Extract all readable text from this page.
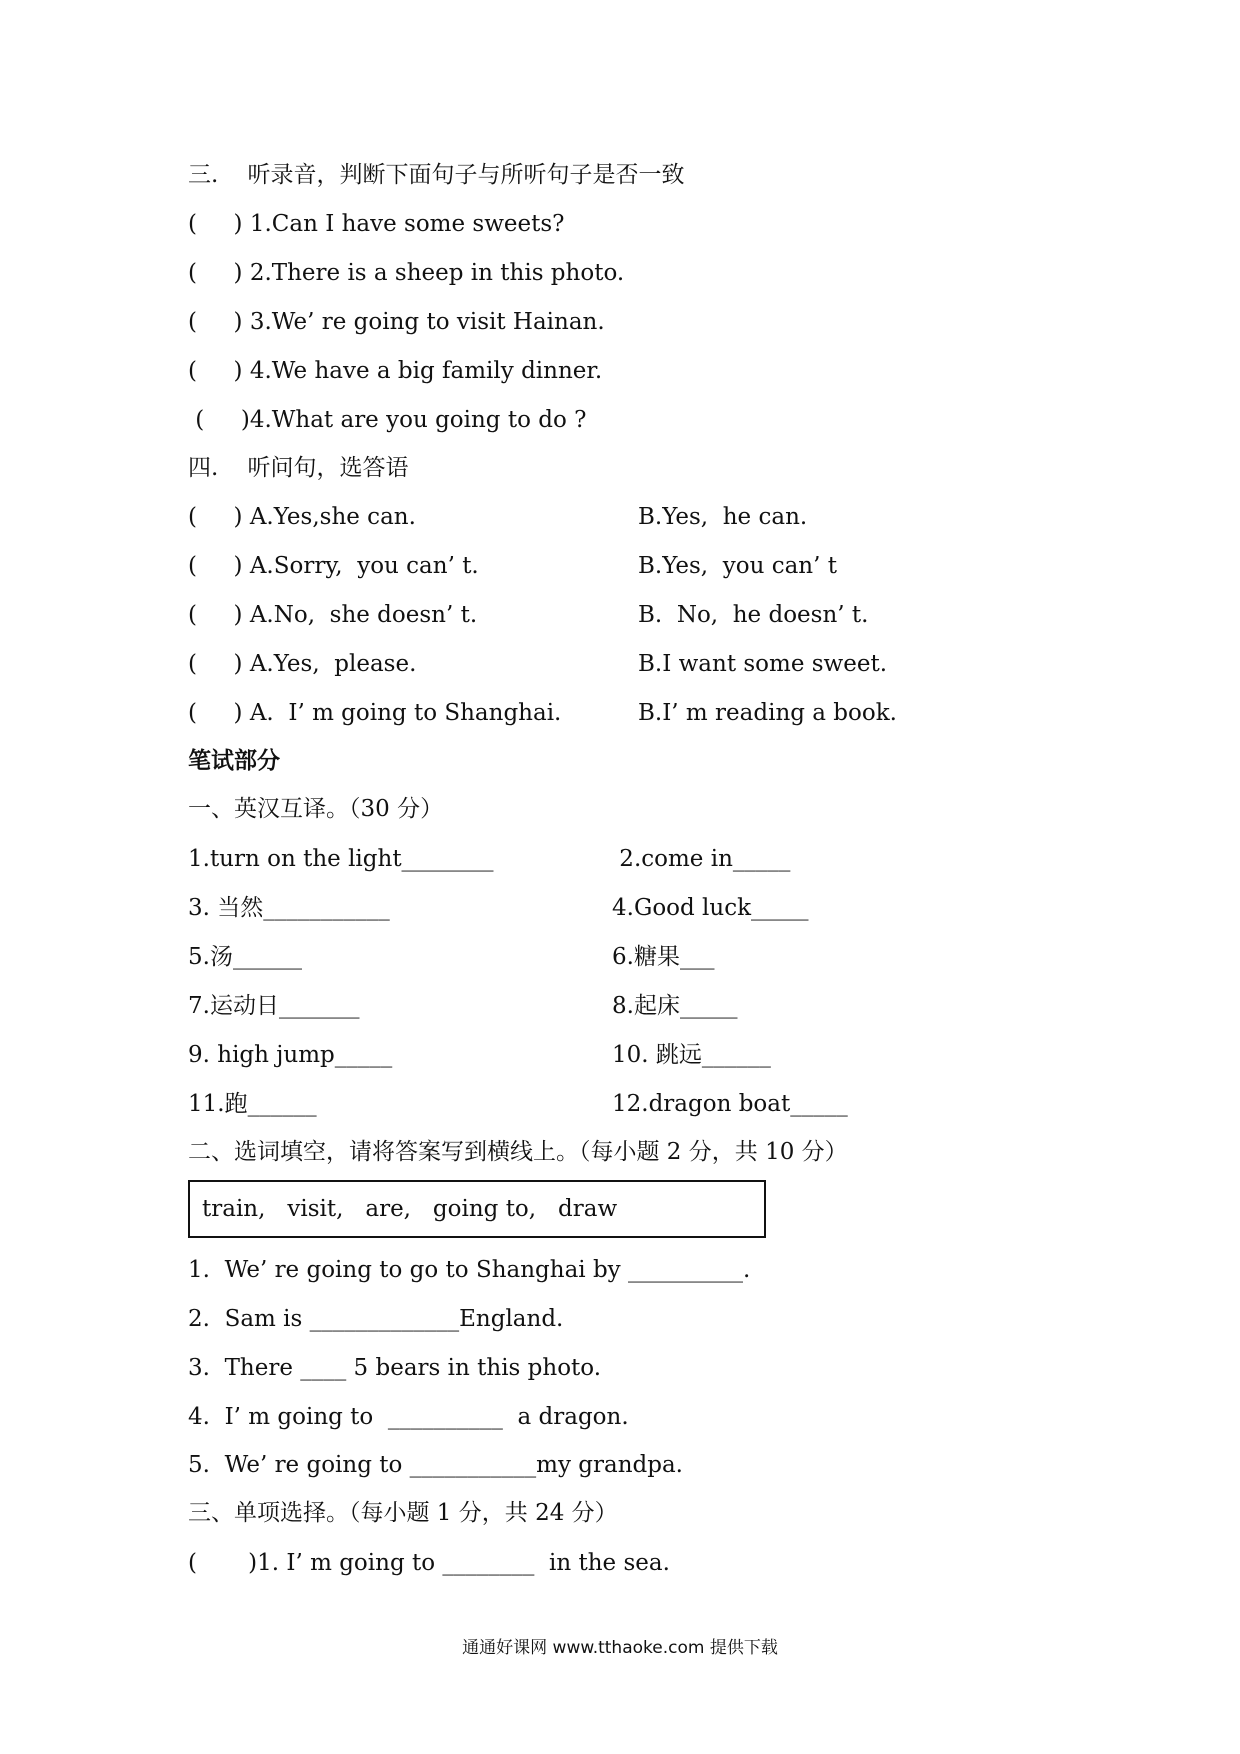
三.    听录音，判断下面句子与所听句子是否一致
(     ) 1.Can I have some sweets?
(     ) 2.There is a sheep in this photo.
(     ) 3.We’ re going to visit Hainan.
(     ) 4.We have a big family dinner.
(     )4.What are you going to do ?
四.    听问句，选答语
(     ) A.Yes,she can.	B.Yes,  he can.
(     ) A.Sorry,  you can’ t.	B.Yes,  you can’ t
(     ) A.No,  she doesn’ t.	B.  No,  he doesn’ t.
(     ) A.Yes,  please.	B.I want some sweet.
(     ) A.  I’ m going to Shanghai.	B.I’ m reading a book.
笔试部分
一、英汉互译。（30 分）
1.turn on the light________	2.come in_____
3. 当然___________	4.Good luck_____
5.汤______	6.糖果___
7.运动日_______	8.起床_____
9. high jump_____	10. 跳远______
11.跑______	12.dragon boat_____
二、选词填空，请将答案写到横线上。（每小题 2 分，共 10 分）
train,   visit,   are,   going to,   draw
1.  We’ re going to go to Shanghai by __________.
2.  Sam is _____________England.
3.  There ____ 5 bears in this photo.
4.  I’ m going to  __________  a dragon.
5.  We’ re going to ___________my grandpa.
三、单项选择。（每小题 1 分，共 24 分）
(       )1. I’ m going to ________  in the sea.
通通好课网 www.tthaoke.com 提供下载
